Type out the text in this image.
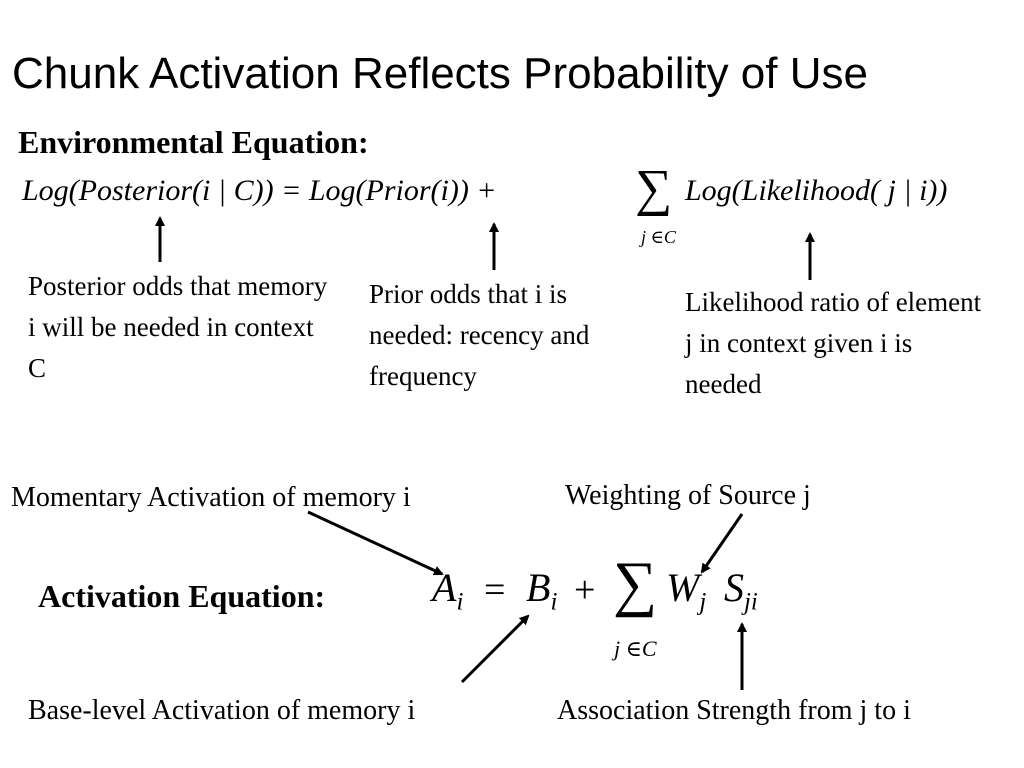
Chunk Activation Reflects Probability of Use
Environmental Equation:
Log(Posterior(i | C)) = Log(Prior(i)) +	∑
j ∈C
Log(Likelihood( j | i))
Posterior odds that memory i will be needed in context C
Prior odds that i is needed: recency and frequency
Likelihood ratio of element j in context given i is needed
Momentary Activation of memory i	Weighting of Source j
Activation Equation:	$A_i = B_i$ + ∑
j ∈C
$W_j$ $S_{ji}$
Base-level Activation of memory i	Association Strength from j to i
